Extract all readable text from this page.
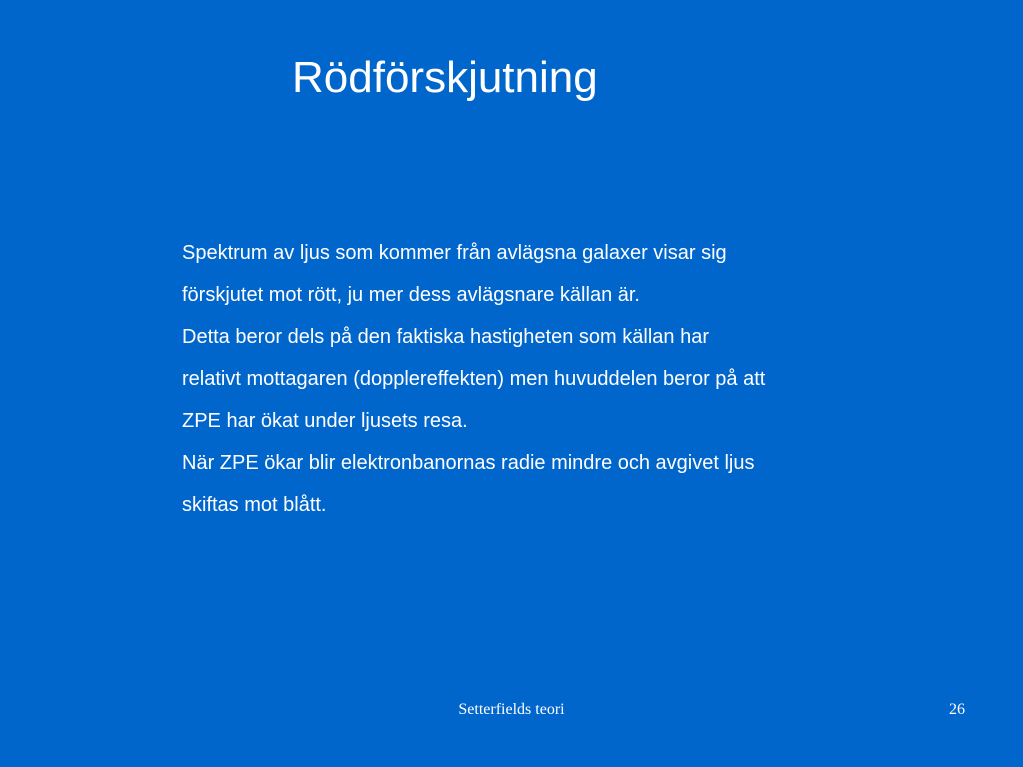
Rödförskjutning
Spektrum av ljus som kommer från avlägsna galaxer visar sig
förskjutet mot rött, ju mer dess avlägsnare källan är.
Detta beror dels på den faktiska hastigheten som källan har
relativt mottagaren (dopplereffekten) men huvuddelen beror på att
ZPE har ökat under ljusets resa.
När ZPE ökar blir elektronbanornas radie mindre och avgivet ljus
skiftas mot blått.
Setterfields teori	26
